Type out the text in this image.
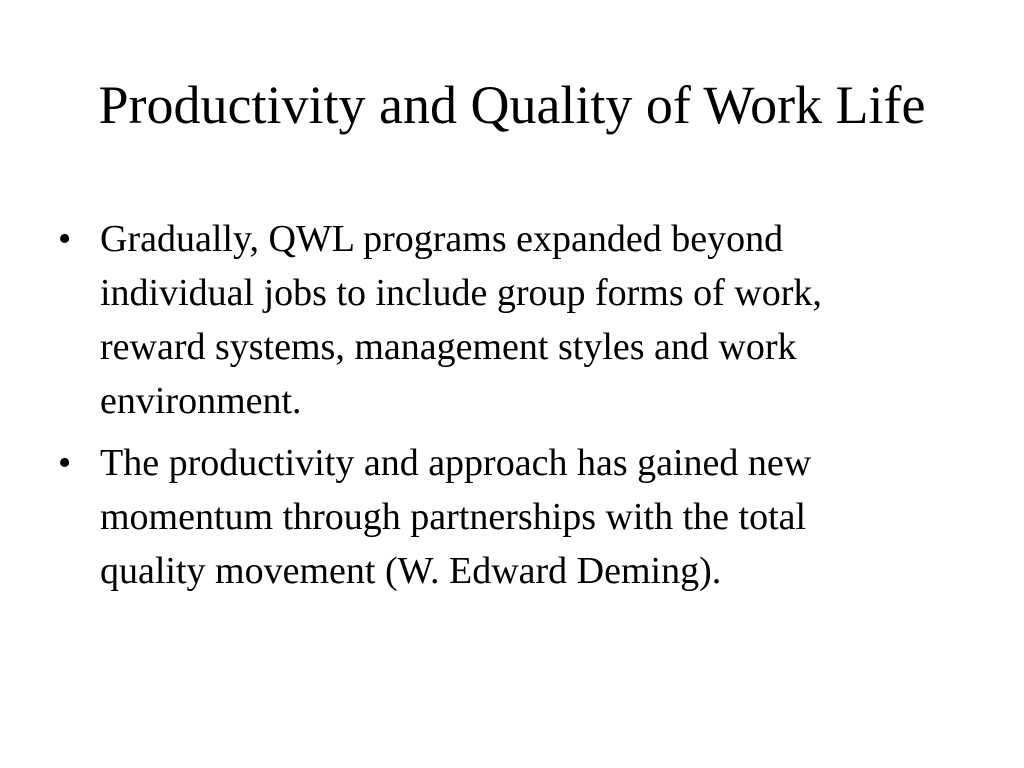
Productivity and Quality of Work Life
• Gradually, QWL programs expanded beyond
individual jobs to include group forms of work,
reward systems, management styles and work
environment.
• The productivity and approach has gained new
momentum through partnerships with the total
quality movement (W. Edward Deming).
